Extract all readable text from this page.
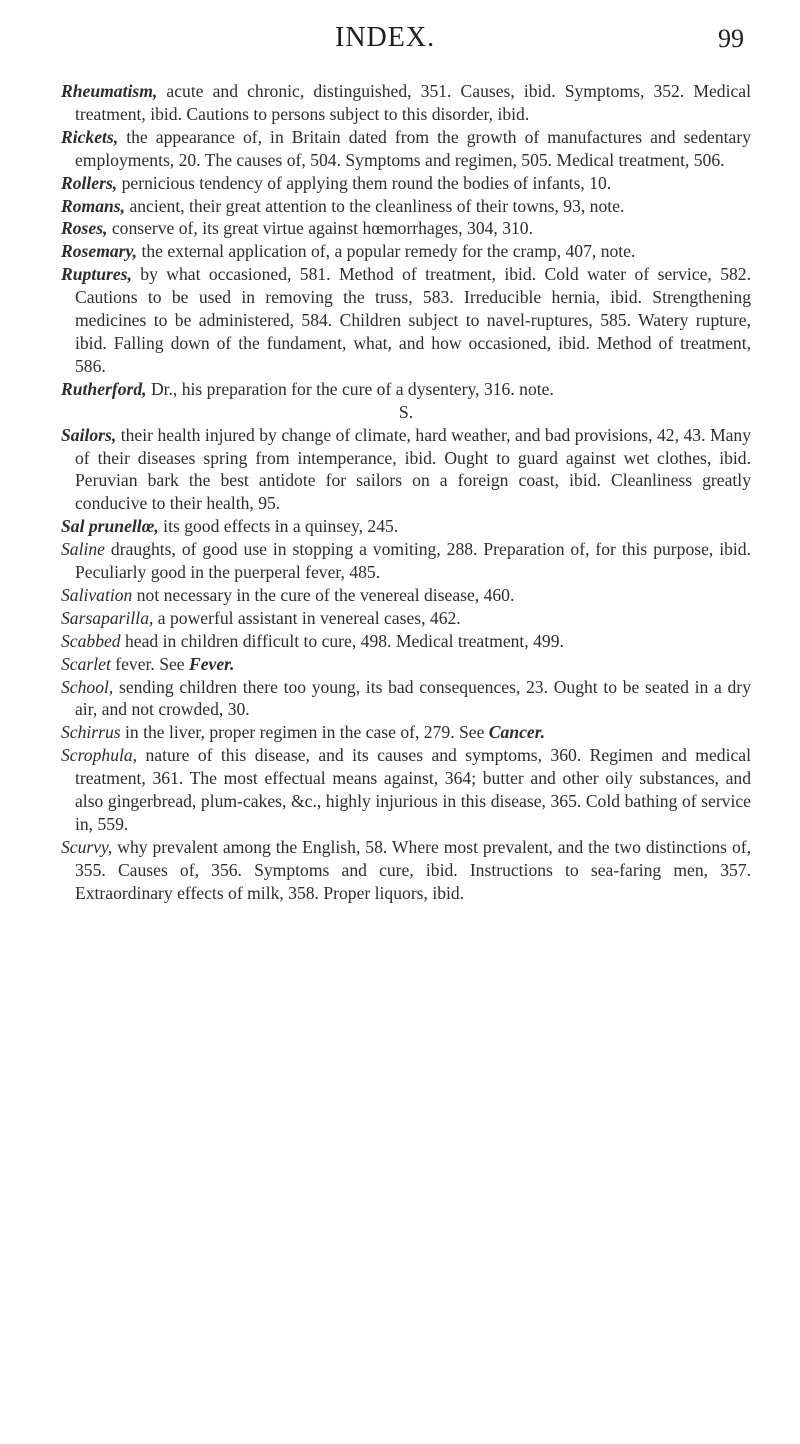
INDEX.	99

Rheumatism, acute and chronic, distinguished, 351. Causes, ibid. Symptoms, 352. Medical treatment, ibid. Cautions to persons subject to this disorder, ibid.

Rickets, the appearance of, in Britain dated from the growth of manufactures and sedentary employments, 20. The causes of, 504. Symptoms and regimen, 505. Medical treatment, 506.

Rollers, pernicious tendency of applying them round the bodies of infants, 10.

Romans, ancient, their great attention to the cleanliness of their towns, 93, note.

Roses, conserve of, its great virtue against hœmorrhages, 304, 310.

Rosemary, the external application of, a popular remedy for the cramp, 407, note.

Ruptures, by what occasioned, 581. Method of treatment, ibid. Cold water of service, 582. Cautions to be used in removing the truss, 583. Irreducible hernia, ibid. Strengthening medicines to be administered, 584. Children subject to navel-ruptures, 585. Watery rupture, ibid. Falling down of the fundament, what, and how occasioned, ibid. Method of treatment, 586.

Rutherford, Dr., his preparation for the cure of a dysentery, 316. note.

S.

Sailors, their health injured by change of climate, hard weather, and bad provisions, 42, 43. Many of their diseases spring from intemperance, ibid. Ought to guard against wet clothes, ibid. Peruvian bark the best antidote for sailors on a foreign coast, ibid. Cleanliness greatly conducive to their health, 95.

Sal prunellœ, its good effects in a quinsey, 245.

Saline draughts, of good use in stopping a vomiting, 288. Preparation of, for this purpose, ibid. Peculiarly good in the puerperal fever, 485.

Salivation not necessary in the cure of the venereal disease, 460.

Sarsaparilla, a powerful assistant in venereal cases, 462.

Scabbed head in children difficult to cure, 498. Medical treatment, 499.

Scarlet fever. See Fever.

School, sending children there too young, its bad consequences, 23. Ought to be seated in a dry air, and not crowded, 30.

Schirrus in the liver, proper regimen in the case of, 279. See Cancer.

Scrophula, nature of this disease, and its causes and symptoms, 360. Regimen and medical treatment, 361. The most effectual means against, 364; butter and other oily substances, and also gingerbread, plum-cakes, &c., highly injurious in this disease, 365. Cold bathing of service in, 559.

Scurvy, why prevalent among the English, 58. Where most prevalent, and the two distinctions of, 355. Causes of, 356. Symptoms and cure, ibid. Instructions to sea-faring men, 357. Extraordinary effects of milk, 358. Proper liquors, ibid.
